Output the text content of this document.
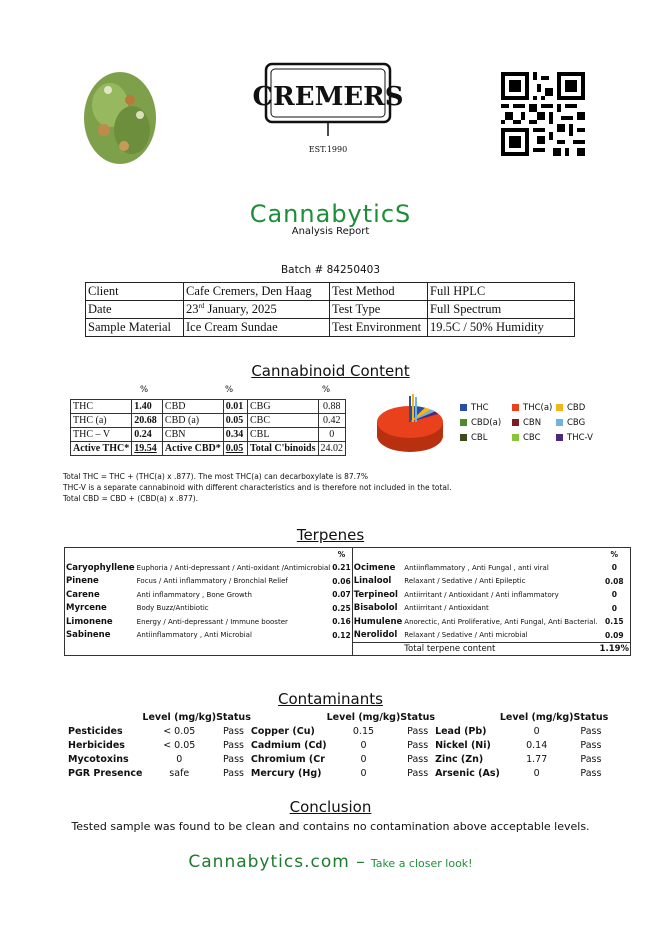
CREMERS
EST.1990
CannabyticS
Analysis Report
Batch # 84250403
Client	Cafe Cremers, Den Haag	Test Method	Full HPLC
Date	23rd January, 2025	Test Type	Full Spectrum
Sample Material	Ice Cream Sundae	Test Environment	19.5C / 50% Humidity
Cannabinoid Content
%	%	%
THC	1.40	CBD	0.01	CBG	0.88
THC (a)	20.68	CBD (a)	0.05	CBC	0.42
THC – V	0.24	CBN	0.34	CBL	0
Active THC*	19.54	Active CBD*	0.05	Total C'binoids	24.02
THC	THC(a)	CBD
CBD(a)	CBN	CBG
CBL	CBC	THC-V
Total THC = THC + (THC(a) x .877). The most THC(a) can decarboxylate is 87.7%
THC-V is a separate cannabinoid with different characteristics and is therefore not included in the total.
Total CBD = CBD + (CBD(a) x .877).
Terpenes
		%			%
Caryophyllene	Euphoria / Anti-depressant / Anti-oxidant /Antimicrobial	0.21	Ocimene	Antiinflammatory , Anti Fungal , anti viral	0
Pinene	Focus / Anti inflammatory / Bronchial Relief	0.06	Linalool	Relaxant / Sedative / Anti Epileptic	0.08
Carene	Anti inflammatory , Bone Growth	0.07	Terpineol	Antiirritant / Antioxidant / Anti inflammatory	0
Myrcene	Body Buzz/Antibiotic	0.25	Bisabolol	Antiirritant / Antioxidant	0
Limonene	Energy / Anti-depressant / Immune booster	0.16	Humulene	Anorectic, Anti Proliferative, Anti Fungal, Anti Bacterial.	0.15
Sabinene	Antiinflammatory , Anti Microbial	0.12	Nerolidol	Relaxant / Sedative / Anti microbial	0.09
				Total terpene content	1.19%
Contaminants
	Level (mg/kg)	Status		Level (mg/kg)	Status		Level (mg/kg)	Status
Pesticides	< 0.05	Pass	Copper (Cu)	0.15	Pass	Lead (Pb)	0	Pass
Herbicides	< 0.05	Pass	Cadmium (Cd)	0	Pass	Nickel (Ni)	0.14	Pass
Mycotoxins	0	Pass	Chromium (Cr	0	Pass	Zinc (Zn)	1.77	Pass
PGR Presence	safe	Pass	Mercury (Hg)	0	Pass	Arsenic (As)	0	Pass
Conclusion
Tested sample was found to be clean and contains no contamination above acceptable levels.
Cannabytics.com – Take a closer look!
